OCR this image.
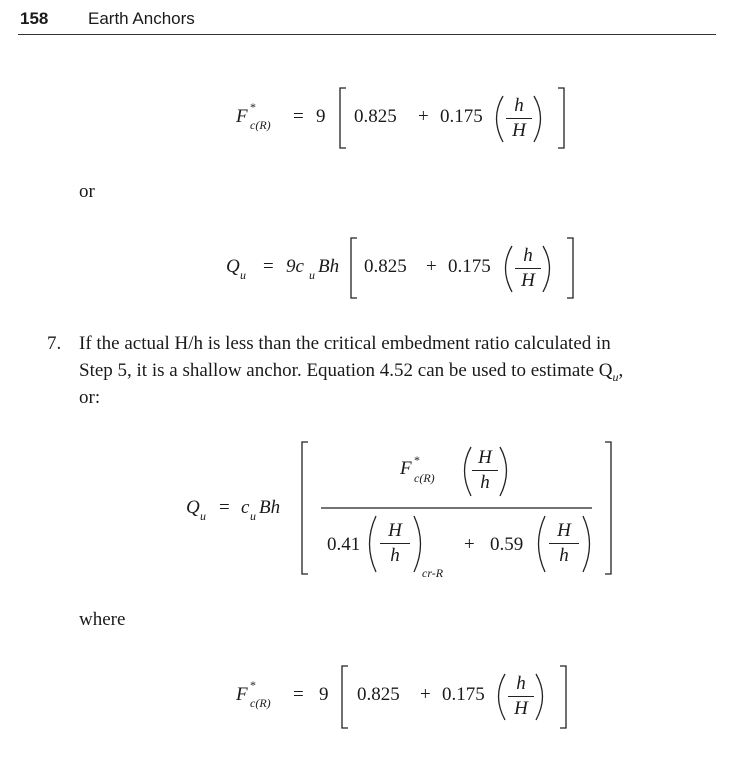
158 Earth Anchors
F *
c(R) = 9 0.825 + 0.175
h
H
or
Q u = 9c u Bh 0.825 + 0.175
h
H
7. If the actual H/h is less than the critical embedment ratio calculated in
Step 5, it is a shallow anchor. Equation 4.52 can be used to estimate $Q_u$,
or:
Q u = c u Bh
F *
c(R)
H
h
0.41
H
h
cr-R
+ 0.59
H
h
where
F *
c(R) = 9 0.825 + 0.175
h
H
